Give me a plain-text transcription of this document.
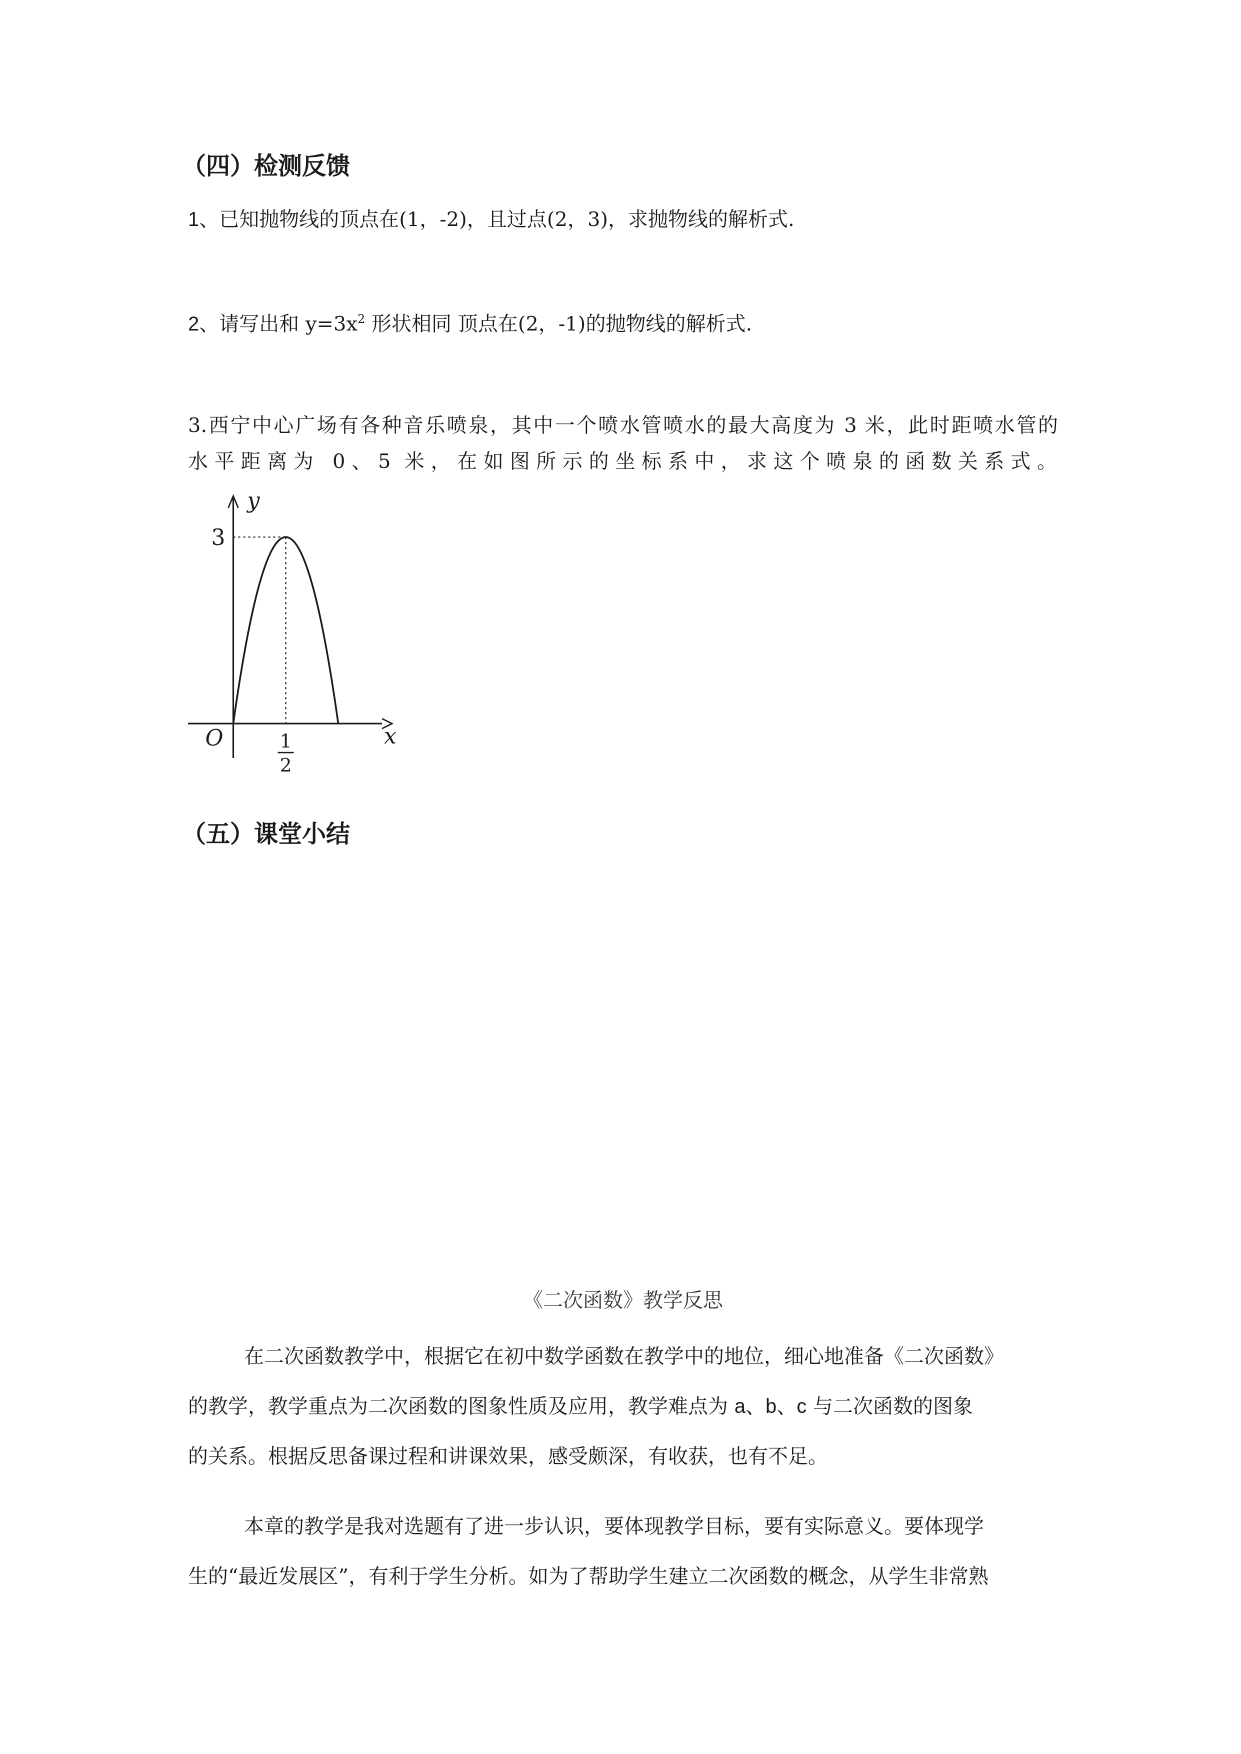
（四）检测反馈

1、已知抛物线的顶点在(1，-2)，且过点(2，3)，求抛物线的解析式.

2、请写出和 $y=3x^2$ 形状相同 顶点在(2，-1)的抛物线的解析式.

3.西宁中心广场有各种音乐喷泉，其中一个喷水管喷水的最大高度为 3 米，此时距喷水管的

水平距离为 0、5 米，在如图所示的坐标系中，求这个喷泉的函数关系式。

y
x
O
3
1
2
（五）课堂小结

《二次函数》教学反思

在二次函数教学中，根据它在初中数学函数在教学中的地位，细心地准备《二次函数》

的教学，教学重点为二次函数的图象性质及应用，教学难点为 a、b、c 与二次函数的图象

的关系。根据反思备课过程和讲课效果，感受颇深，有收获，也有不足。

本章的教学是我对选题有了进一步认识，要体现教学目标，要有实际意义。要体现学

生的“最近发展区”，有利于学生分析。如为了帮助学生建立二次函数的概念，从学生非常熟
